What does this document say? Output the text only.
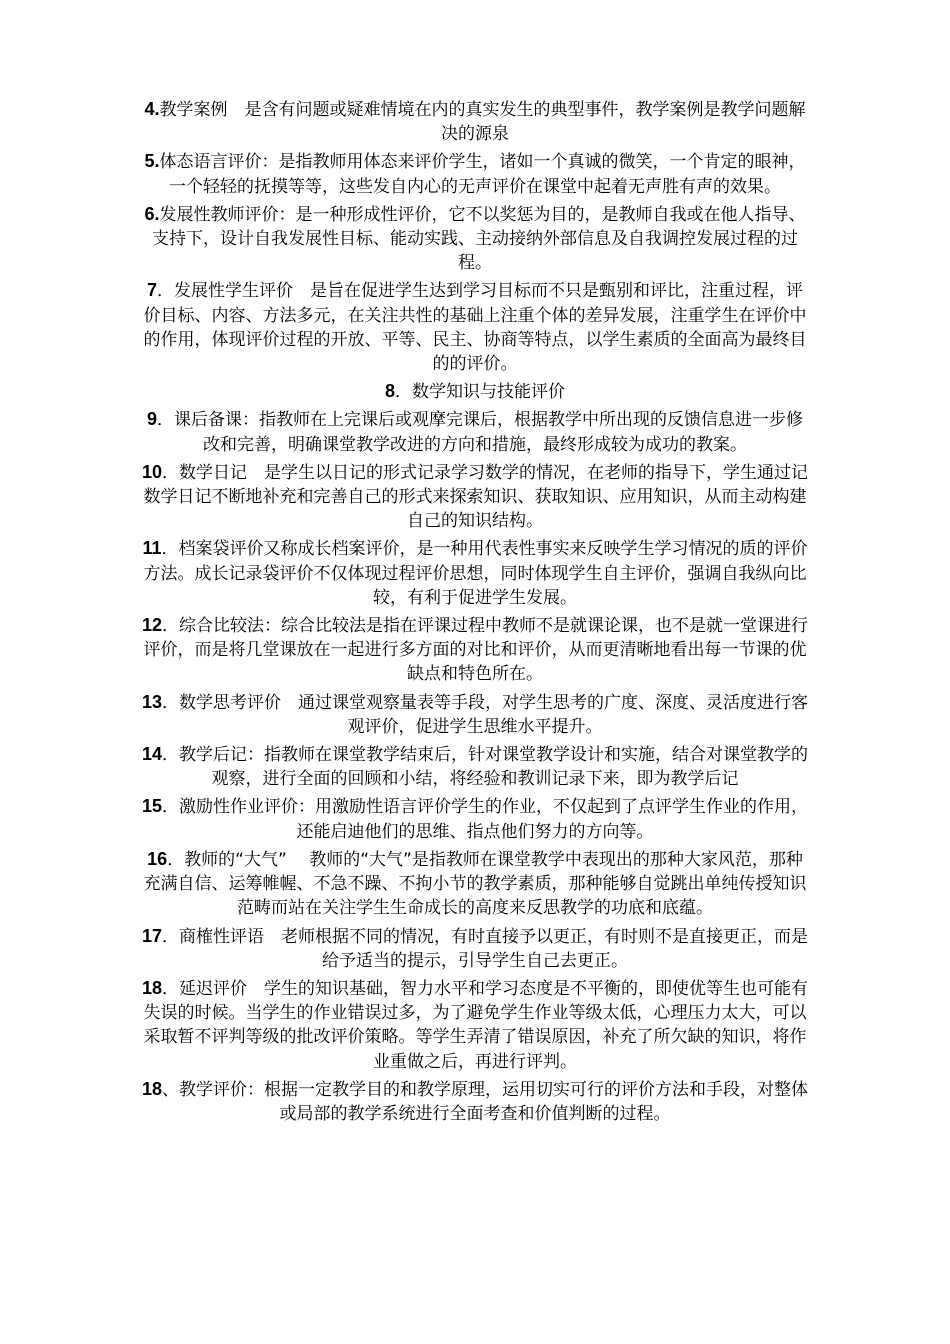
4.教学案例　是含有问题或疑难情境在内的真实发生的典型事件，教学案例是教学问题解决的源泉

5.体态语言评价：是指教师用体态来评价学生，诸如一个真诚的微笑，一个肯定的眼神，一个轻轻的抚摸等等，这些发自内心的无声评价在课堂中起着无声胜有声的效果。

6.发展性教师评价：是一种形成性评价，它不以奖惩为目的，是教师自我或在他人指导、支持下，设计自我发展性目标、能动实践、主动接纳外部信息及自我调控发展过程的过程。

7．发展性学生评价　是旨在促进学生达到学习目标而不只是甄别和评比，注重过程，评价目标、内容、方法多元，在关注共性的基础上注重个体的差异发展，注重学生在评价中的作用，体现评价过程的开放、平等、民主、协商等特点，以学生素质的全面高为最终目的的评价。

8．数学知识与技能评价

9．课后备课：指教师在上完课后或观摩完课后，根据教学中所出现的反馈信息进一步修改和完善，明确课堂教学改进的方向和措施，最终形成较为成功的教案。

10．数学日记　是学生以日记的形式记录学习数学的情况，在老师的指导下，学生通过记数学日记不断地补充和完善自己的形式来探索知识、获取知识、应用知识，从而主动构建自己的知识结构。

11．档案袋评价又称成长档案评价，是一种用代表性事实来反映学生学习情况的质的评价方法。成长记录袋评价不仅体现过程评价思想，同时体现学生自主评价，强调自我纵向比较，有利于促进学生发展。

12．综合比较法：综合比较法是指在评课过程中教师不是就课论课，也不是就一堂课进行评价，而是将几堂课放在一起进行多方面的对比和评价，从而更清晰地看出每一节课的优缺点和特色所在。

13．数学思考评价　通过课堂观察量表等手段，对学生思考的广度、深度、灵活度进行客观评价，促进学生思维水平提升。

14．教学后记：指教师在课堂教学结束后，针对课堂教学设计和实施，结合对课堂教学的观察，进行全面的回顾和小结，将经验和教训记录下来，即为教学后记

15．激励性作业评价：用激励性语言评价学生的作业，不仅起到了点评学生作业的作用，还能启迪他们的思维、指点他们努力的方向等。

16．教师的“大气”　 教师的“大气”是指教师在课堂教学中表现出的那种大家风范，那种充满自信、运筹帷幄、不急不躁、不拘小节的教学素质，那种能够自觉跳出单纯传授知识范畴而站在关注学生生命成长的高度来反思教学的功底和底蕴。

17．商榷性评语　老师根据不同的情况，有时直接予以更正，有时则不是直接更正，而是给予适当的提示，引导学生自己去更正。

18．延迟评价　学生的知识基础，智力水平和学习态度是不平衡的，即使优等生也可能有失误的时候。当学生的作业错误过多，为了避免学生作业等级太低，心理压力太大，可以采取暂不评判等级的批改评价策略。等学生弄清了错误原因，补充了所欠缺的知识，将作业重做之后，再进行评判。

18、教学评价：根据一定教学目的和教学原理，运用切实可行的评价方法和手段，对整体或局部的教学系统进行全面考查和价值判断的过程。
